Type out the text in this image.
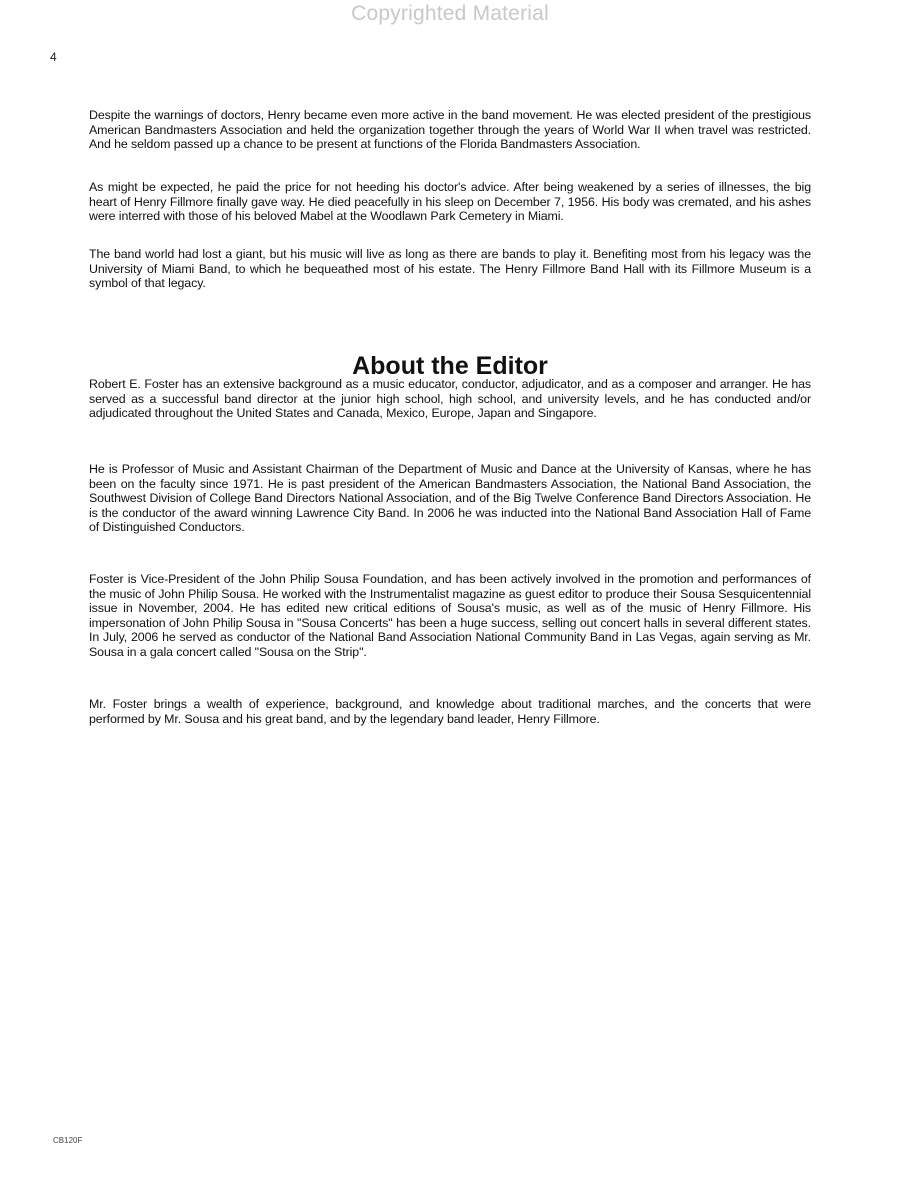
Copyrighted Material
4

Despite the warnings of doctors, Henry became even more active in the band movement. He was elected president of the prestigious American Bandmasters Association and held the organization together through the years of World War II when travel was restricted. And he seldom passed up a chance to be present at functions of the Florida Bandmasters Association.

As might be expected, he paid the price for not heeding his doctor's advice. After being weakened by a series of illnesses, the big heart of Henry Fillmore finally gave way. He died peacefully in his sleep on December 7, 1956. His body was cremated, and his ashes were interred with those of his beloved Mabel at the Woodlawn Park Cemetery in Miami.

The band world had lost a giant, but his music will live as long as there are bands to play it. Benefiting most from his legacy was the University of Miami Band, to which he bequeathed most of his estate. The Henry Fillmore Band Hall with its Fillmore Museum is a symbol of that legacy.

About the Editor

Robert E. Foster has an extensive background as a music educator, conductor, adjudicator, and as a composer and arranger. He has served as a successful band director at the junior high school, high school, and university levels, and he has conducted and/or adjudicated throughout the United States and Canada, Mexico, Europe, Japan and Singapore.

He is Professor of Music and Assistant Chairman of the Department of Music and Dance at the University of Kansas, where he has been on the faculty since 1971. He is past president of the American Bandmasters Association, the National Band Association, the Southwest Division of College Band Directors National Association, and of the Big Twelve Conference Band Directors Association. He is the conductor of the award winning Lawrence City Band. In 2006 he was inducted into the National Band Association Hall of Fame of Distinguished Conductors.

Foster is Vice-President of the John Philip Sousa Foundation, and has been actively involved in the promotion and performances of the music of John Philip Sousa. He worked with the Instrumentalist magazine as guest editor to produce their Sousa Sesquicentennial issue in November, 2004. He has edited new critical editions of Sousa's music, as well as of the music of Henry Fillmore. His impersonation of John Philip Sousa in "Sousa Concerts" has been a huge success, selling out concert halls in several different states. In July, 2006 he served as conductor of the National Band Association National Community Band in Las Vegas, again serving as Mr. Sousa in a gala concert called "Sousa on the Strip".

Mr. Foster brings a wealth of experience, background, and knowledge about traditional marches, and the concerts that were performed by Mr. Sousa and his great band, and by the legendary band leader, Henry Fillmore.

CB120F
